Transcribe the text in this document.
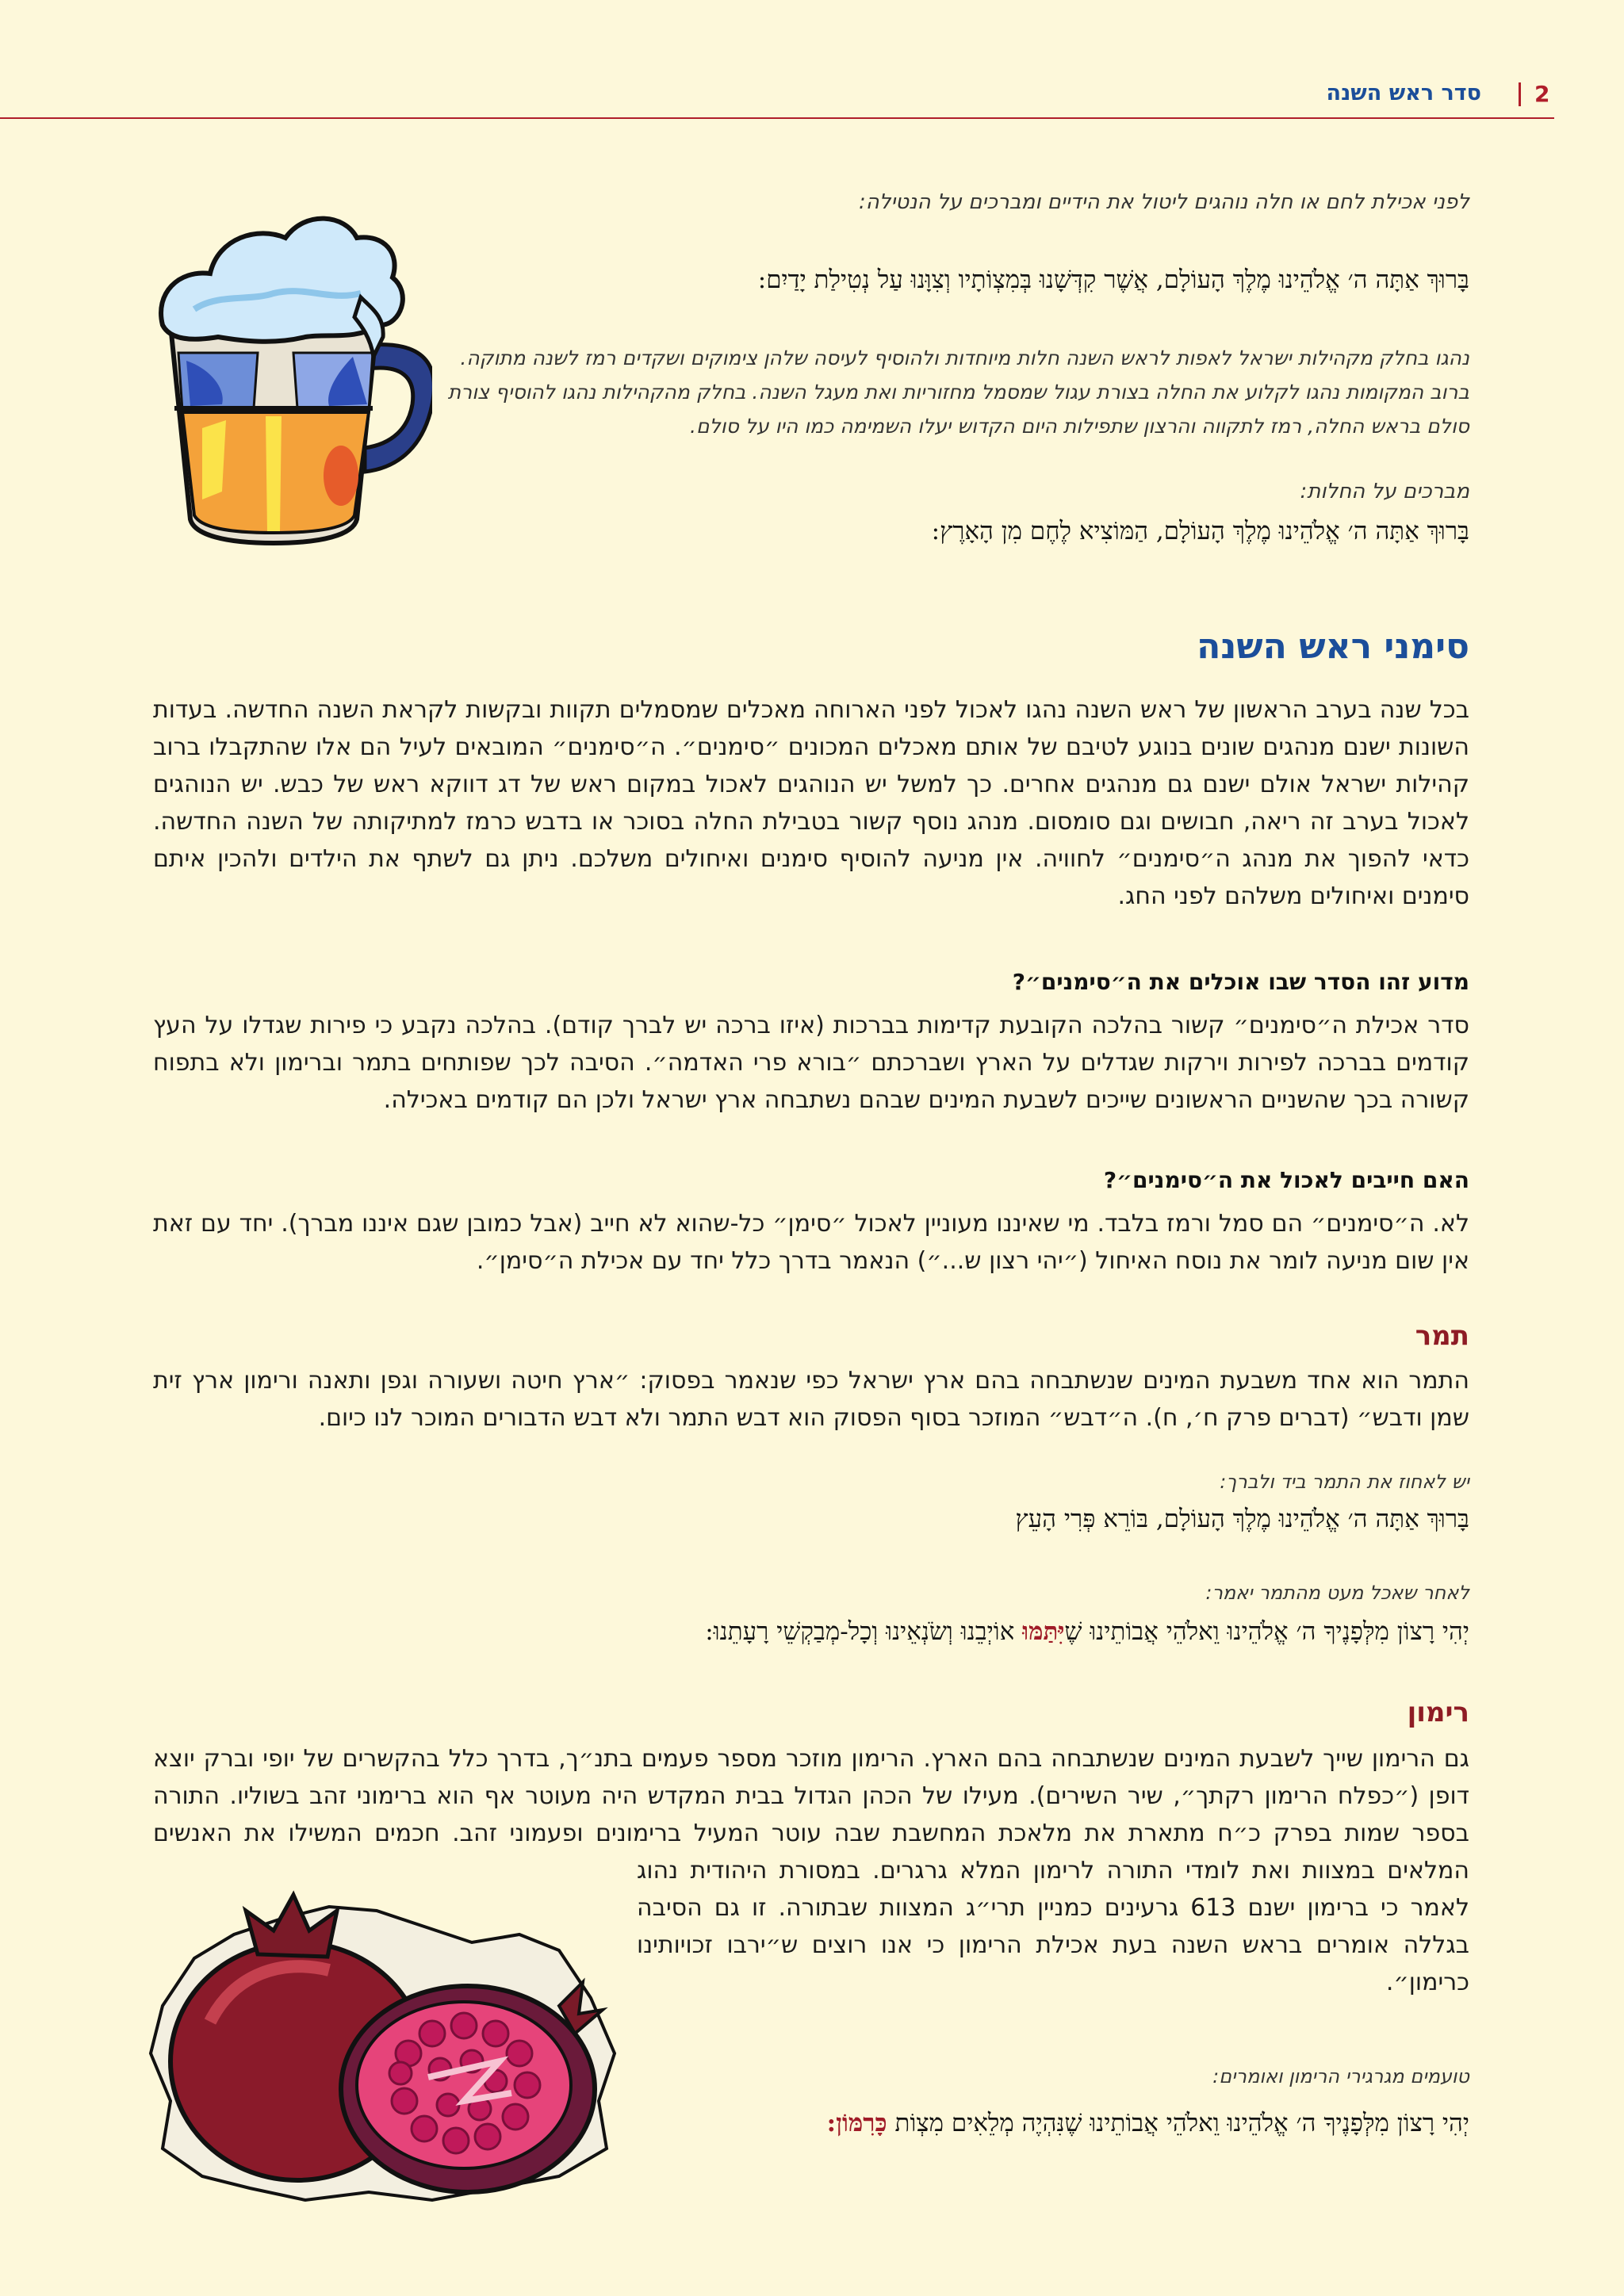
2
סדר ראש השנה
לפני אכילת לחם או חלה נוהגים ליטול את הידיים ומברכים על הנטילה:
בָּרוּךְ אַתָּה ה׳ אֱלֹהֵינוּ מֶלֶךְ הָעוֹלָם, אֲשֶׁר קִדְּשָׁנוּ בְּמִצְוֹתָיו וְצִוָּנוּ עַל נְטִילַת יָדַיִם:
נהגו בחלק מקהילות ישראל לאפות לראש השנה חלות מיוחדות ולהוסיף לעיסה שלהן צימוקים ושקדים רמז לשנה מתוקה.
ברוב המקומות נהגו לקלוע את החלה בצורת עגול שמסמל מחזוריות ואת מעגל השנה. בחלק מהקהילות נהגו להוסיף צורת
סולם בראש החלה, רמז לתקווה והרצון שתפילות היום הקדוש יעלו השמימה כמו היו על סולם.
מברכים על החלות:
בָּרוּךְ אַתָּה ה׳ אֱלֹהֵינוּ מֶלֶךְ הָעוֹלָם, הַמּוֹצִיא לֶחֶם מִן הָאָרֶץ:
סימני ראש השנה
בכל שנה בערב הראשון של ראש השנה נהגו לאכול לפני הארוחה מאכלים שמסמלים תקוות ובקשות לקראת השנה החדשה. בעדות השונות ישנם מנהגים שונים בנוגע לטיבם של אותם מאכלים המכונים ״סימנים״. ה״סימנים״ המובאים לעיל הם אלו שהתקבלו ברוב קהילות ישראל אולם ישנם גם מנהגים אחרים. כך למשל יש הנוהגים לאכול במקום ראש של דג דווקא ראש של כבש. יש הנוהגים לאכול בערב זה ריאה, חבושים וגם סומסום. מנהג נוסף קשור בטבילת החלה בסוכר או בדבש כרמז למתיקותה של השנה החדשה. כדאי להפוך את מנהג ה״סימנים״ לחוויה. אין מניעה להוסיף סימנים ואיחולים משלכם. ניתן גם לשתף את הילדים ולהכין איתם סימנים ואיחולים משלהם לפני החג.
מדוע זהו הסדר שבו אוכלים את ה״סימנים״?
סדר אכילת ה״סימנים״ קשור בהלכה הקובעת קדימות בברכות (איזו ברכה יש לברך קודם). בהלכה נקבע כי פירות שגדלו על העץ קודמים בברכה לפירות וירקות שגדלים על הארץ ושברכתם ״בורא פרי האדמה״. הסיבה לכך שפותחים בתמר וברימון ולא בתפוח קשורה בכך שהשניים הראשונים שייכים לשבעת המינים שבהם נשתבחה ארץ ישראל ולכן הם קודמים באכילה.
האם חייבים לאכול את ה״סימנים״?
לא. ה״סימנים״ הם סמל ורמז בלבד. מי שאיננו מעוניין לאכול ״סימן״ כל-שהוא לא חייב (אבל כמובן שגם איננו מברך). יחד עם זאת אין שום מניעה לומר את נוסח האיחול (״יהי רצון ש...״) הנאמר בדרך כלל יחד עם אכילת ה״סימן״.
תמר
התמר הוא אחד משבעת המינים שנשתבחה בהם ארץ ישראל כפי שנאמר בפסוק: ״ארץ חיטה ושעורה וגפן ותאנה ורימון ארץ זית שמן ודבש״ (דברים פרק ח׳, ח). ה״דבש״ המוזכר בסוף הפסוק הוא דבש התמר ולא דבש הדבורים המוכר לנו כיום.
יש לאחוז את התמר ביד ולברך:
בָּרוּךְ אַתָּה ה׳ אֱלֹהֵינוּ מֶלֶךְ הָעוֹלָם, בּוֹרֵא פְּרִי הָעֵץ
לאחר שאכל מעט מהתמר יאמר:
יְהִי רָצוֹן מִלְּפָנֶיךָ ה׳ אֱלֹהֵינוּ וֵאלֹהֵי אֲבוֹתֵינוּ שֶׁיִּתַּמּוּ אוֹיְבֵנוּ וְשֹׂנְאֵינוּ וְכָל-מְבַקְשֵׁי רָעָתֵנוּ:
רימון
גם הרימון שייך לשבעת המינים שנשתבחה בהם הארץ. הרימון מוזכר מספר פעמים בתנ״ך, בדרך כלל בהקשרים של יופי וברק יוצא
דופן (״כפלח הרימון רקתך״, שיר השירים). מעילו של הכהן הגדול בבית המקדש היה מעוטר אף הוא ברימוני זהב בשוליו. התורה
בספר שמות בפרק כ״ח מתארת את מלאכת המחשבת שבה עוטר המעיל ברימונים ופעמוני זהב. חכמים המשילו את האנשים
המלאים במצוות ואת לומדי התורה לרימון המלא גרגרים. במסורת היהודית נהוג
לאמר כי ברימון ישנם 613 גרעינים כמניין תרי״ג המצוות שבתורה. זו גם הסיבה
בגללה אומרים בראש השנה בעת אכילת הרימון כי אנו רוצים ש״ירבו זכויותינו
כרימון״.
טועמים מגרגירי הרימון ואומרים:
יְהִי רָצוֹן מִלְּפָנֶיךָ ה׳ אֱלֹהֵינוּ וֵאלֹהֵי אֲבוֹתֵינוּ שֶׁנִּהְיֶה מְלֵאִים מִצְוֹת כָּרִמּוֹן:
